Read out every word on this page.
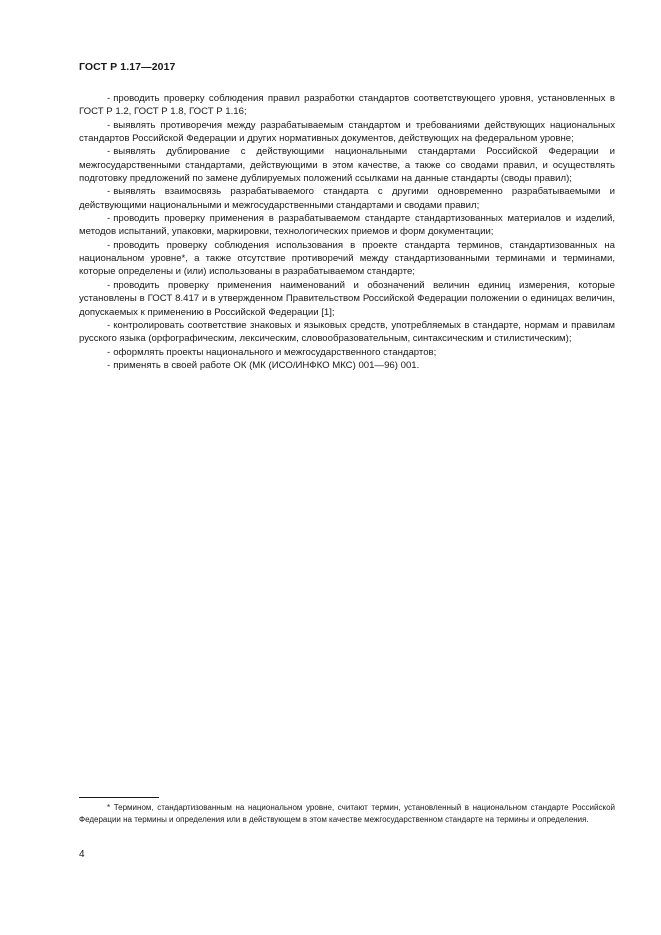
ГОСТ Р 1.17—2017

- проводить проверку соблюдения правил разработки стандартов соответствующего уровня, установленных в ГОСТ Р 1.2, ГОСТ Р 1.8, ГОСТ Р 1.16;

- выявлять противоречия между разрабатываемым стандартом и требованиями действующих национальных стандартов Российской Федерации и других нормативных документов, действующих на федеральном уровне;

- выявлять дублирование с действующими национальными стандартами Российской Федерации и межгосударственными стандартами, действующими в этом качестве, а также со сводами правил, и осуществлять подготовку предложений по замене дублируемых положений ссылками на данные стандарты (своды правил);

- выявлять взаимосвязь разрабатываемого стандарта с другими одновременно разрабатываемыми и действующими национальными и межгосударственными стандартами и сводами правил;

- проводить проверку применения в разрабатываемом стандарте стандартизованных материалов и изделий, методов испытаний, упаковки, маркировки, технологических приемов и форм документации;

- проводить проверку соблюдения использования в проекте стандарта терминов, стандартизованных на национальном уровне*, а также отсутствие противоречий между стандартизованными терминами и терминами, которые определены и (или) использованы в разрабатываемом стандарте;

- проводить проверку применения наименований и обозначений величин единиц измерения, которые установлены в ГОСТ 8.417 и в утвержденном Правительством Российской Федерации положении о единицах величин, допускаемых к применению в Российской Федерации [1];

- контролировать соответствие знаковых и языковых средств, употребляемых в стандарте, нормам и правилам русского языка (орфографическим, лексическим, словообразовательным, синтаксическим и стилистическим);

- оформлять проекты национального и межгосударственного стандартов;

- применять в своей работе ОК (МК (ИСО/ИНФКО МКС) 001—96) 001.

* Термином, стандартизованным на национальном уровне, считают термин, установленный в национальном стандарте Российской Федерации на термины и определения или в действующем в этом качестве межгосударственном стандарте на термины и определения.
4
